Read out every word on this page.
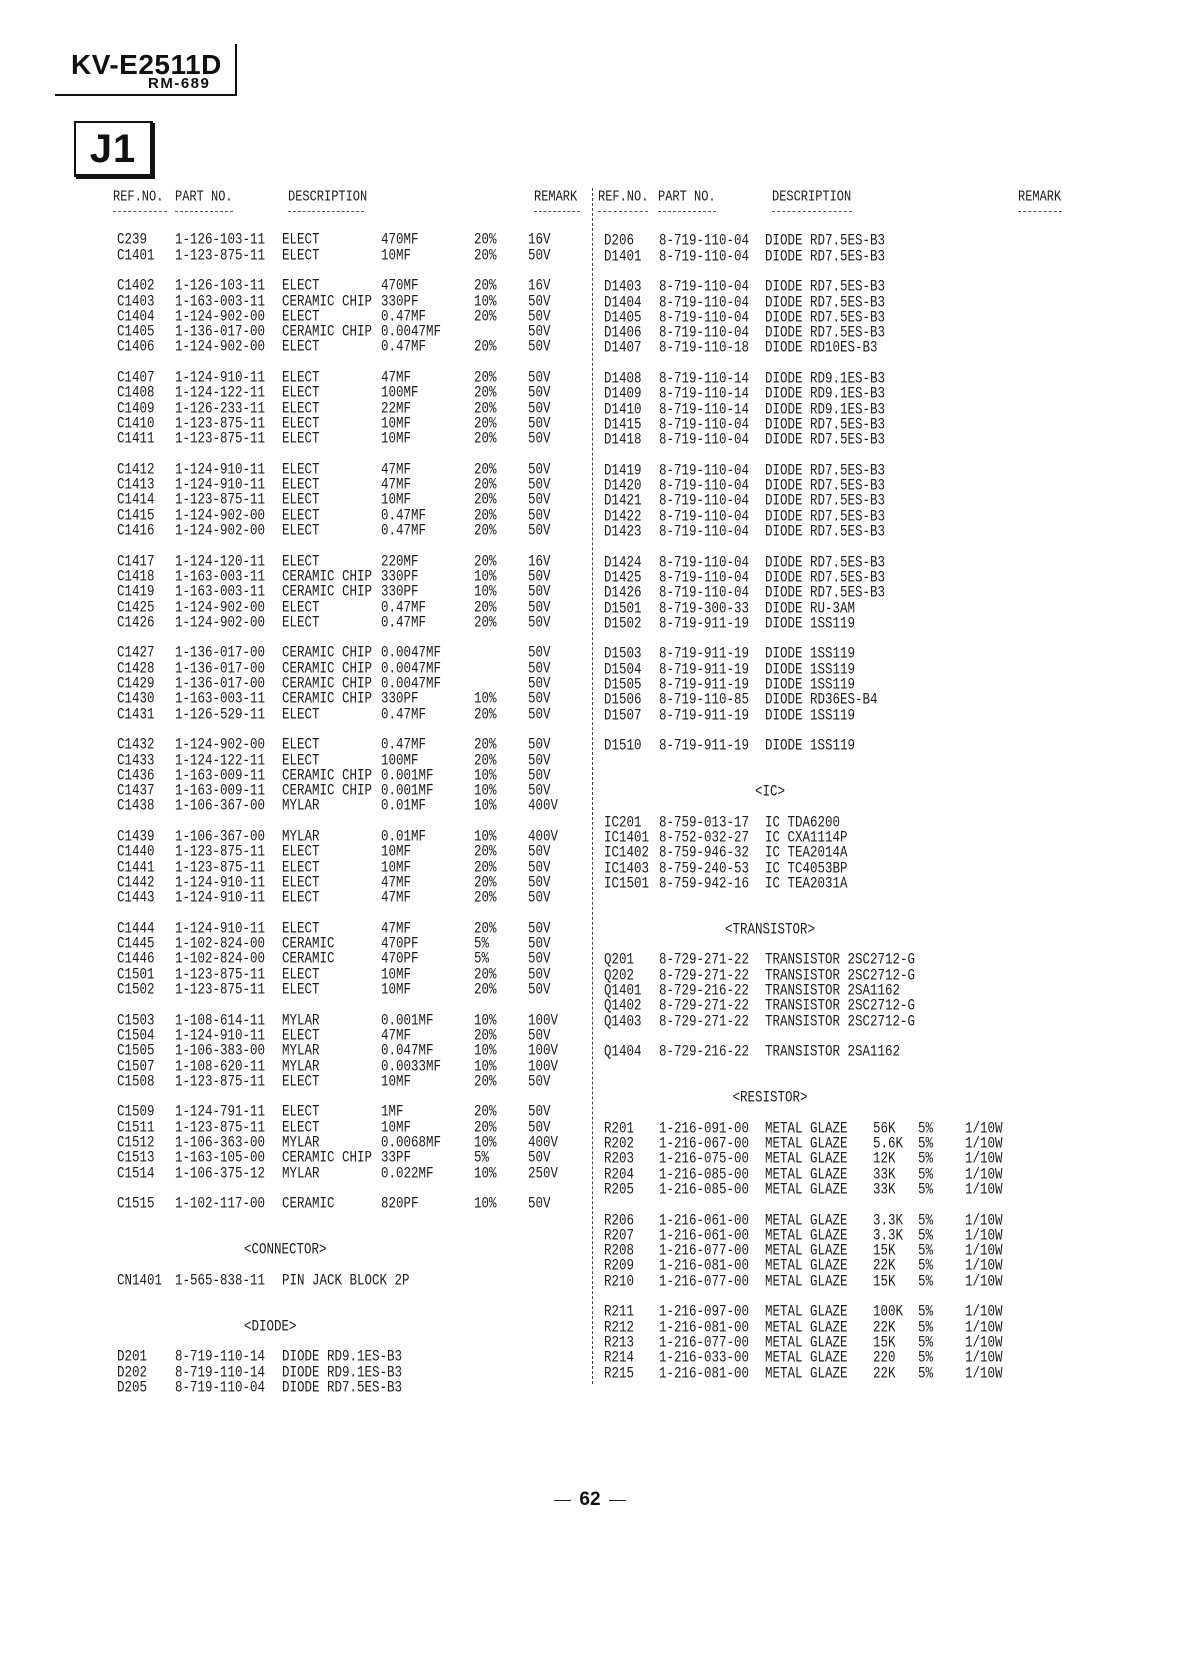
KV-E2511D
RM-689
J1
REF.NO. PART NO.	DESCRIPTION	REMARK REF.NO. PART NO.	DESCRIPTION	REMARK
62
C239 1-126-103-11 ELECT	470MF	20%	16V
C1401 1-123-875-11 ELECT	10MF	20%	50V
C1402 1-126-103-11 ELECT	470MF	20%	16V
C1403 1-163-003-11 CERAMIC CHIP 330PF	10%	50V
C1404 1-124-902-00 ELECT	0.47MF	20%	50V
C1405 1-136-017-00 CERAMIC CHIP 0.0047MF	50V
C1406 1-124-902-00 ELECT	0.47MF	20%	50V
C1407 1-124-910-11 ELECT	47MF	20%	50V
C1408 1-124-122-11 ELECT	100MF	20%	50V
C1409 1-126-233-11 ELECT	22MF	20%	50V
C1410 1-123-875-11 ELECT	10MF	20%	50V
C1411 1-123-875-11 ELECT	10MF	20%	50V
C1412 1-124-910-11 ELECT	47MF	20%	50V
C1413 1-124-910-11 ELECT	47MF	20%	50V
C1414 1-123-875-11 ELECT	10MF	20%	50V
C1415 1-124-902-00 ELECT	0.47MF	20%	50V
C1416 1-124-902-00 ELECT	0.47MF	20%	50V
C1417 1-124-120-11 ELECT	220MF	20%	16V
C1418 1-163-003-11 CERAMIC CHIP 330PF	10%	50V
C1419 1-163-003-11 CERAMIC CHIP 330PF	10%	50V
C1425 1-124-902-00 ELECT	0.47MF	20%	50V
C1426 1-124-902-00 ELECT	0.47MF	20%	50V
C1427 1-136-017-00 CERAMIC CHIP 0.0047MF	50V
C1428 1-136-017-00 CERAMIC CHIP 0.0047MF	50V
C1429 1-136-017-00 CERAMIC CHIP 0.0047MF	50V
C1430 1-163-003-11 CERAMIC CHIP 330PF	10%	50V
C1431 1-126-529-11 ELECT	0.47MF	20%	50V
C1432 1-124-902-00 ELECT	0.47MF	20%	50V
C1433 1-124-122-11 ELECT	100MF	20%	50V
C1436 1-163-009-11 CERAMIC CHIP 0.001MF	10%	50V
C1437 1-163-009-11 CERAMIC CHIP 0.001MF	10%	50V
C1438 1-106-367-00 MYLAR	0.01MF	10%	400V
C1439 1-106-367-00 MYLAR	0.01MF	10%	400V
C1440 1-123-875-11 ELECT	10MF	20%	50V
C1441 1-123-875-11 ELECT	10MF	20%	50V
C1442 1-124-910-11 ELECT	47MF	20%	50V
C1443 1-124-910-11 ELECT	47MF	20%	50V
C1444 1-124-910-11 ELECT	47MF	20%	50V
C1445 1-102-824-00 CERAMIC	470PF	5%	50V
C1446 1-102-824-00 CERAMIC	470PF	5%	50V
C1501 1-123-875-11 ELECT	10MF	20%	50V
C1502 1-123-875-11 ELECT	10MF	20%	50V
C1503 1-108-614-11 MYLAR	0.001MF	10%	100V
C1504 1-124-910-11 ELECT	47MF	20%	50V
C1505 1-106-383-00 MYLAR	0.047MF	10%	100V
C1507 1-108-620-11 MYLAR	0.0033MF	10%	100V
C1508 1-123-875-11 ELECT	10MF	20%	50V
C1509 1-124-791-11 ELECT	1MF	20%	50V
C1511 1-123-875-11 ELECT	10MF	20%	50V
C1512 1-106-363-00 MYLAR	0.0068MF	10%	400V
C1513 1-163-105-00 CERAMIC CHIP 33PF	5%	50V
C1514 1-106-375-12 MYLAR	0.022MF	10%	250V
C1515 1-102-117-00 CERAMIC	820PF	10%	50V
<CONNECTOR>
CN1401 1-565-838-11 PIN JACK BLOCK 2P
<DIODE>
D201 8-719-110-14 DIODE RD9.1ES-B3
D202 8-719-110-14 DIODE RD9.1ES-B3
D205 8-719-110-04 DIODE RD7.5ES-B3
D206 8-719-110-04 DIODE RD7.5ES-B3
D1401 8-719-110-04 DIODE RD7.5ES-B3
D1403 8-719-110-04 DIODE RD7.5ES-B3
D1404 8-719-110-04 DIODE RD7.5ES-B3
D1405 8-719-110-04 DIODE RD7.5ES-B3
D1406 8-719-110-04 DIODE RD7.5ES-B3
D1407 8-719-110-18 DIODE RD10ES-B3
D1408 8-719-110-14 DIODE RD9.1ES-B3
D1409 8-719-110-14 DIODE RD9.1ES-B3
D1410 8-719-110-14 DIODE RD9.1ES-B3
D1415 8-719-110-04 DIODE RD7.5ES-B3
D1418 8-719-110-04 DIODE RD7.5ES-B3
D1419 8-719-110-04 DIODE RD7.5ES-B3
D1420 8-719-110-04 DIODE RD7.5ES-B3
D1421 8-719-110-04 DIODE RD7.5ES-B3
D1422 8-719-110-04 DIODE RD7.5ES-B3
D1423 8-719-110-04 DIODE RD7.5ES-B3
D1424 8-719-110-04 DIODE RD7.5ES-B3
D1425 8-719-110-04 DIODE RD7.5ES-B3
D1426 8-719-110-04 DIODE RD7.5ES-B3
D1501 8-719-300-33 DIODE RU-3AM
D1502 8-719-911-19 DIODE 1SS119
D1503 8-719-911-19 DIODE 1SS119
D1504 8-719-911-19 DIODE 1SS119
D1505 8-719-911-19 DIODE 1SS119
D1506 8-719-110-85 DIODE RD36ES-B4
D1507 8-719-911-19 DIODE 1SS119
D1510 8-719-911-19 DIODE 1SS119
<IC>
IC201 8-759-013-17 IC TDA6200
IC1401 8-752-032-27 IC CXA1114P
IC1402 8-759-946-32 IC TEA2014A
IC1403 8-759-240-53 IC TC4053BP
IC1501 8-759-942-16 IC TEA2031A
<TRANSISTOR>
Q201 8-729-271-22 TRANSISTOR 2SC2712-G
Q202 8-729-271-22 TRANSISTOR 2SC2712-G
Q1401 8-729-216-22 TRANSISTOR 2SA1162
Q1402 8-729-271-22 TRANSISTOR 2SC2712-G
Q1403 8-729-271-22 TRANSISTOR 2SC2712-G
Q1404 8-729-216-22 TRANSISTOR 2SA1162
<RESISTOR>
R201 1-216-091-00 METAL GLAZE 56K 5%	1/10W
R202 1-216-067-00 METAL GLAZE 5.6K 5%	1/10W
R203 1-216-075-00 METAL GLAZE 12K 5%	1/10W
R204 1-216-085-00 METAL GLAZE 33K 5%	1/10W
R205 1-216-085-00 METAL GLAZE 33K 5%	1/10W
R206 1-216-061-00 METAL GLAZE 3.3K 5%	1/10W
R207 1-216-061-00 METAL GLAZE 3.3K 5%	1/10W
R208 1-216-077-00 METAL GLAZE 15K 5%	1/10W
R209 1-216-081-00 METAL GLAZE 22K 5%	1/10W
R210 1-216-077-00 METAL GLAZE 15K 5%	1/10W
R211 1-216-097-00 METAL GLAZE 100K 5%	1/10W
R212 1-216-081-00 METAL GLAZE 22K 5%	1/10W
R213 1-216-077-00 METAL GLAZE 15K 5%	1/10W
R214 1-216-033-00 METAL GLAZE 220 5%	1/10W
R215 1-216-081-00 METAL GLAZE 22K 5%	1/10W
